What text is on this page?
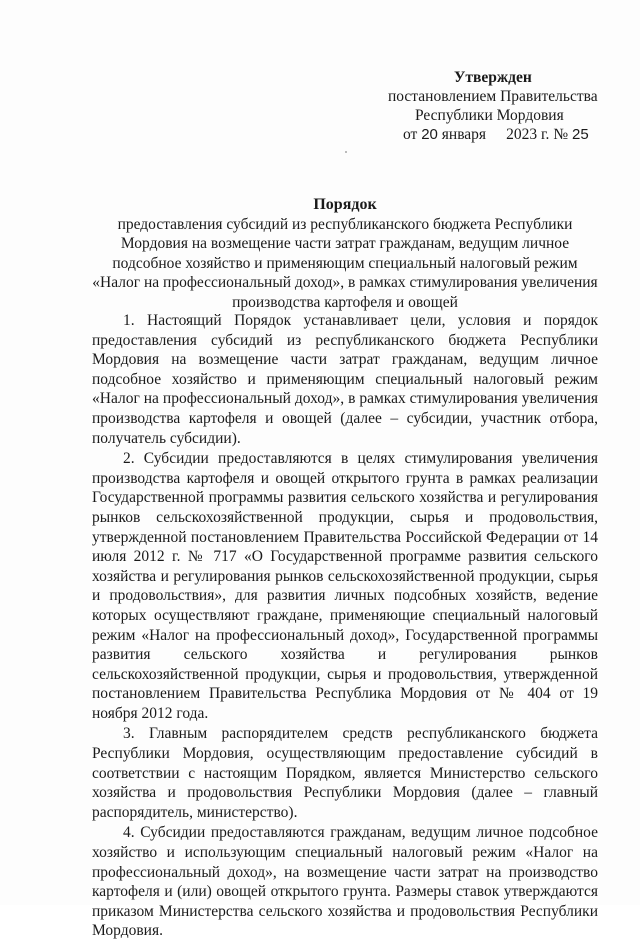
Утвержден
постановлением Правительства
Республики Мордовия
от 20 января 2023 г. № 25
Порядок
предоставления субсидий из республиканского бюджета Республики
Мордовия на возмещение части затрат гражданам, ведущим личное
подсобное хозяйство и применяющим специальный налоговый режим
«Налог на профессиональный доход», в рамках стимулирования увеличения
производства картофеля и овощей

1. Настоящий Порядок устанавливает цели, условия и порядок предоставления субсидий из республиканского бюджета Республики Мордовия на возмещение части затрат гражданам, ведущим личное подсобное хозяйство и применяющим специальный налоговый режим «Налог на профессиональный доход», в рамках стимулирования увеличения производства картофеля и овощей (далее – субсидии, участник отбора, получатель субсидии).

2. Субсидии предоставляются в целях стимулирования увеличения производства картофеля и овощей открытого грунта в рамках реализации Государственной программы развития сельского хозяйства и регулирования рынков сельскохозяйственной продукции, сырья и продовольствия, утвержденной постановлением Правительства Российской Федерации от 14 июля 2012 г. № 717 «О Государственной программе развития сельского хозяйства и регулирования рынков сельскохозяйственной продукции, сырья и продовольствия», для развития личных подсобных хозяйств, ведение которых осуществляют граждане, применяющие специальный налоговый режим «Налог на профессиональный доход», Государственной программы развития сельского хозяйства и регулирования рынков сельскохозяйственной продукции, сырья и продовольствия, утвержденной постановлением Правительства Республика Мордовия от № 404 от 19 ноября 2012 года.

3. Главным распорядителем средств республиканского бюджета Республики Мордовия, осуществляющим предоставление субсидий в соответствии с настоящим Порядком, является Министерство сельского хозяйства и продовольствия Республики Мордовия (далее – главный распорядитель, министерство).

4. Субсидии предоставляются гражданам, ведущим личное подсобное хозяйство и использующим специальный налоговый режим «Налог на профессиональный доход», на возмещение части затрат на производство картофеля и (или) овощей открытого грунта. Размеры ставок утверждаются приказом Министерства сельского хозяйства и продовольствия Республики Мордовия.
